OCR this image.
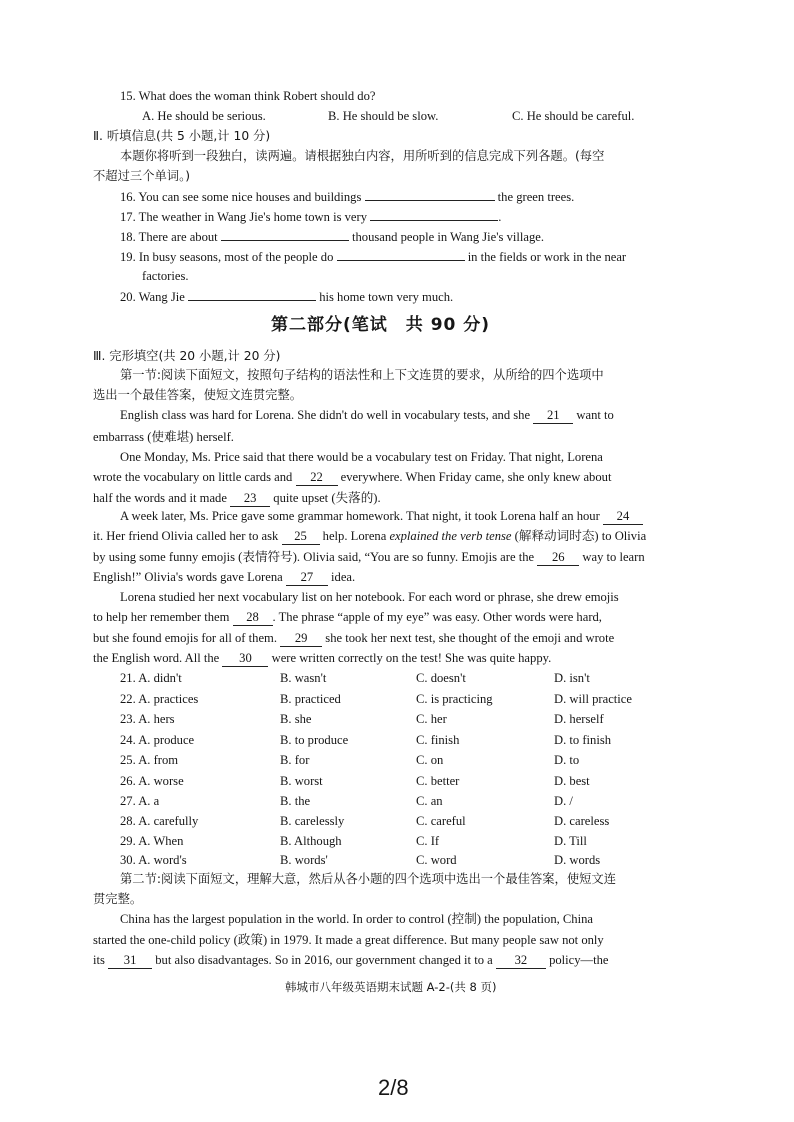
15. What does the woman think Robert should do?
A. He should be serious.	B. He should be slow.	C. He should be careful.
Ⅱ. 听填信息(共 5 小题,计 10 分)
本题你将听到一段独白，读两遍。请根据独白内容，用所听到的信息完成下列各题。(每空
不超过三个单词。)
16. You can see some nice houses and buildings	the green trees.
17. The weather in Wang Jie's home town is very	.
18. There are about	thousand people in Wang Jie's village.
19. In busy seasons, most of the people do	in the fields or work in the near
factories.
20. Wang Jie	his home town very much.
第二部分(笔试　共 90 分)
Ⅲ. 完形填空(共 20 小题,计 20 分)
第一节:阅读下面短文，按照句子结构的语法性和上下文连贯的要求，从所给的四个选项中
选出一个最佳答案，使短文连贯完整。
English class was hard for Lorena. She didn't do well in vocabulary tests, and she 21 want to
embarrass (使难堪) herself.
One Monday, Ms. Price said that there would be a vocabulary test on Friday. That night, Lorena
wrote the vocabulary on little cards and 22 everywhere. When Friday came, she only knew about
half the words and it made 23 quite upset (失落的).
A week later, Ms. Price gave some grammar homework. That night, it took Lorena half an hour 24
it. Her friend Olivia called her to ask 25 help. Lorena explained the verb tense (解释动词时态) to Olivia
by using some funny emojis (表情符号). Olivia said, “You are so funny. Emojis are the 26 way to learn
English!” Olivia's words gave Lorena 27 idea.
Lorena studied her next vocabulary list on her notebook. For each word or phrase, she drew emojis
to help her remember them 28 . The phrase “apple of my eye” was easy. Other words were hard,
but she found emojis for all of them. 29 she took her next test, she thought of the emoji and wrote
the English word. All the 30 were written correctly on the test! She was quite happy.
21. A. didn't	B. wasn't	C. doesn't	D. isn't
22. A. practices	B. practiced	C. is practicing	D. will practice
23. A. hers	B. she	C. her	D. herself
24. A. produce	B. to produce	C. finish	D. to finish
25. A. from	B. for	C. on	D. to
26. A. worse	B. worst	C. better	D. best
27. A. a	B. the	C. an	D. /
28. A. carefully	B. carelessly	C. careful	D. careless
29. A. When	B. Although	C. If	D. Till
30. A. word's	B. words'	C. word	D. words
第二节:阅读下面短文，理解大意，然后从各小题的四个选项中选出一个最佳答案，使短文连
贯完整。
China has the largest population in the world. In order to control (控制) the population, China
started the one-child policy (政策) in 1979. It made a great difference. But many people saw not only
its 31 but also disadvantages. So in 2016, our government changed it to a 32 policy—the
韩城市八年级英语期末试题 A-2-(共 8 页)
2/8
